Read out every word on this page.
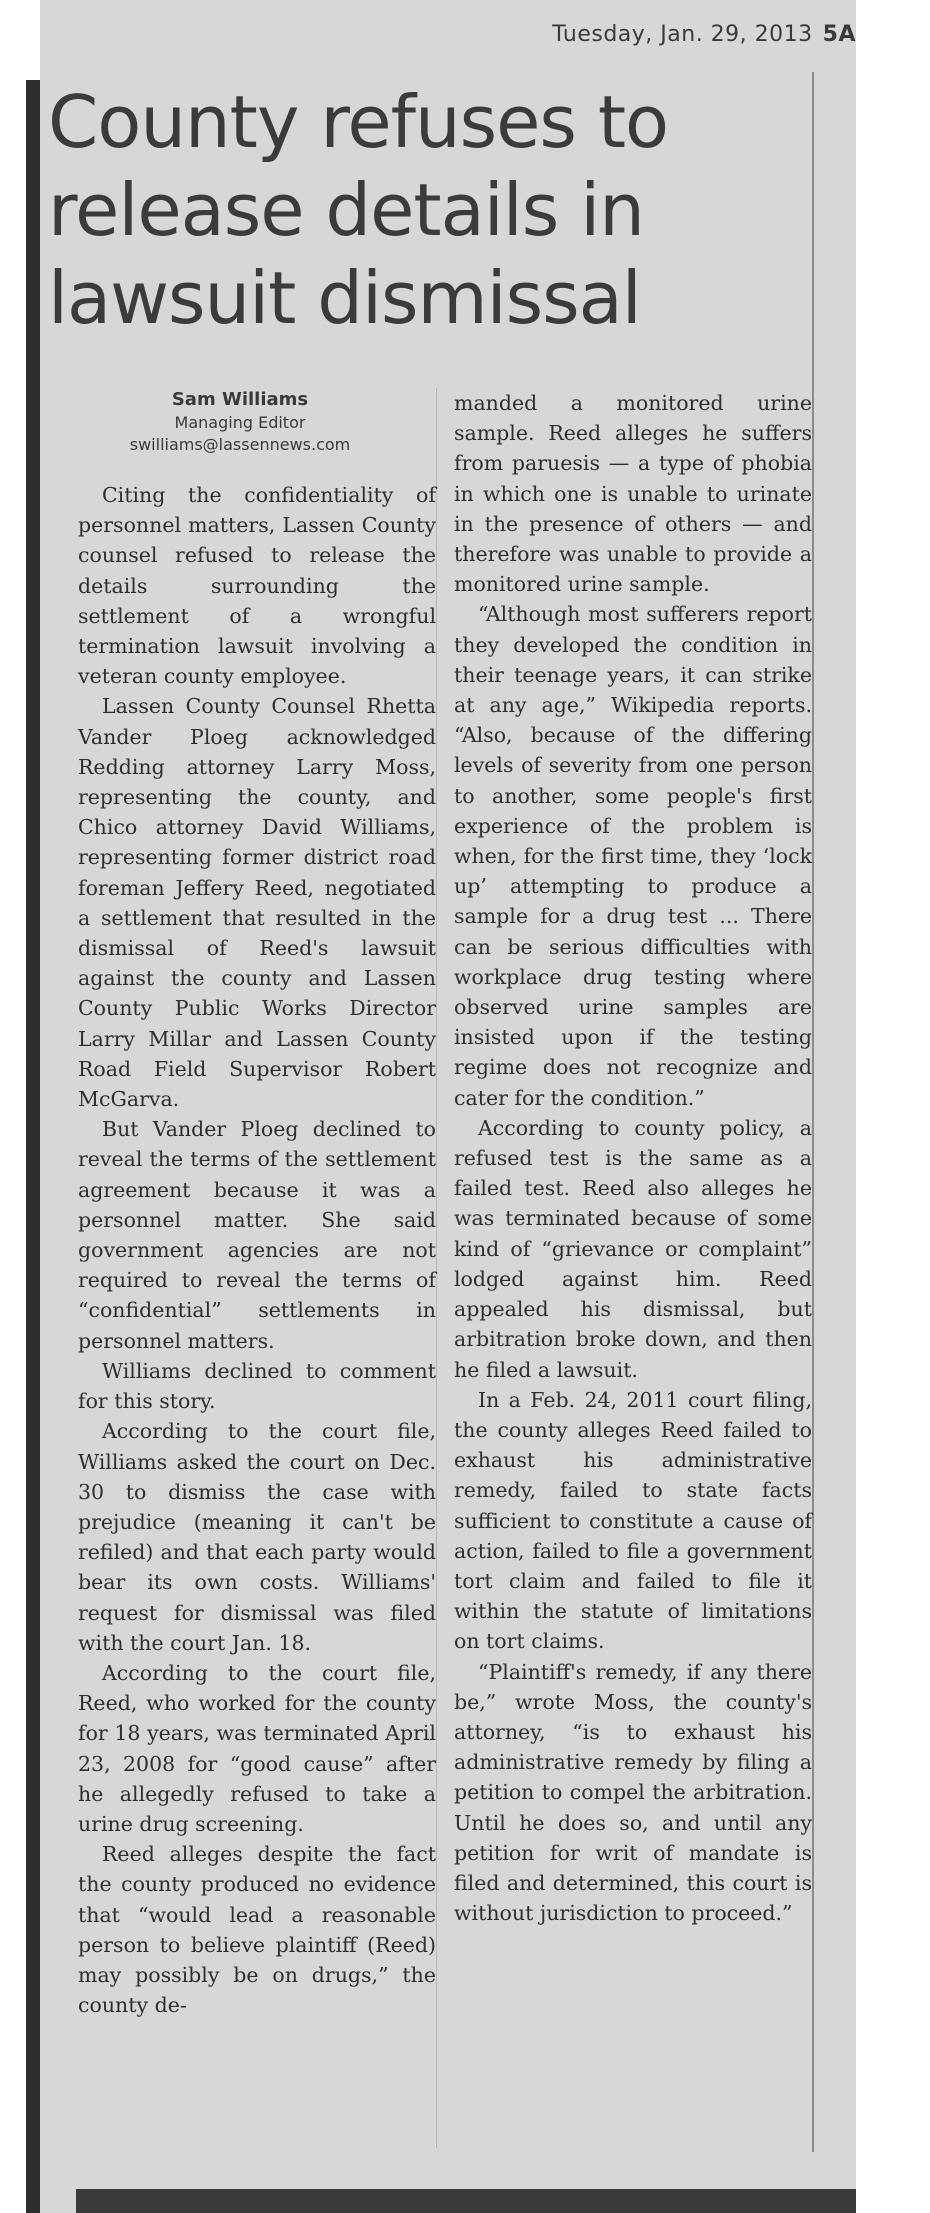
Tuesday, Jan. 29, 2013 5A
County refuses to release details in lawsuit dismissal
Sam Williams
Managing Editor
swilliams@lassennews.com

Citing the confidentiality of personnel matters, Lassen County counsel refused to release the details surrounding the settlement of a wrongful termination lawsuit involving a veteran county employee.

Lassen County Counsel Rhetta Vander Ploeg acknowledged Redding attorney Larry Moss, representing the county, and Chico attorney David Williams, representing former district road foreman Jeffery Reed, negotiated a settlement that resulted in the dismissal of Reed's lawsuit against the county and Lassen County Public Works Director Larry Millar and Lassen County Road Field Supervisor Robert McGarva.

But Vander Ploeg declined to reveal the terms of the settlement agreement because it was a personnel matter. She said government agencies are not required to reveal the terms of “confidential” settlements in personnel matters.

Williams declined to comment for this story.

According to the court file, Williams asked the court on Dec. 30 to dismiss the case with prejudice (meaning it can't be refiled) and that each party would bear its own costs. Williams' request for dismissal was filed with the court Jan. 18.

According to the court file, Reed, who worked for the county for 18 years, was terminated April 23, 2008 for “good cause” after he allegedly refused to take a urine drug screening.

Reed alleges despite the fact the county produced no evidence that “would lead a reasonable person to believe plaintiff (Reed) may possibly be on drugs,” the county de-

manded a monitored urine sample. Reed alleges he suffers from paruesis — a type of phobia in which one is unable to urinate in the presence of others — and therefore was unable to provide a monitored urine sample.

“Although most sufferers report they developed the condition in their teenage years, it can strike at any age,” Wikipedia reports. “Also, because of the differing levels of severity from one person to another, some people's first experience of the problem is when, for the first time, they ‘lock up’ attempting to produce a sample for a drug test ... There can be serious difficulties with workplace drug testing where observed urine samples are insisted upon if the testing regime does not recognize and cater for the condition.”

According to county policy, a refused test is the same as a failed test. Reed also alleges he was terminated because of some kind of “grievance or complaint” lodged against him. Reed appealed his dismissal, but arbitration broke down, and then he filed a lawsuit.

In a Feb. 24, 2011 court filing, the county alleges Reed failed to exhaust his administrative remedy, failed to state facts sufficient to constitute a cause of action, failed to file a government tort claim and failed to file it within the statute of limitations on tort claims.

“Plaintiff's remedy, if any there be,” wrote Moss, the county's attorney, “is to exhaust his administrative remedy by filing a petition to compel the arbitration. Until he does so, and until any petition for writ of mandate is filed and determined, this court is without jurisdiction to proceed.”
